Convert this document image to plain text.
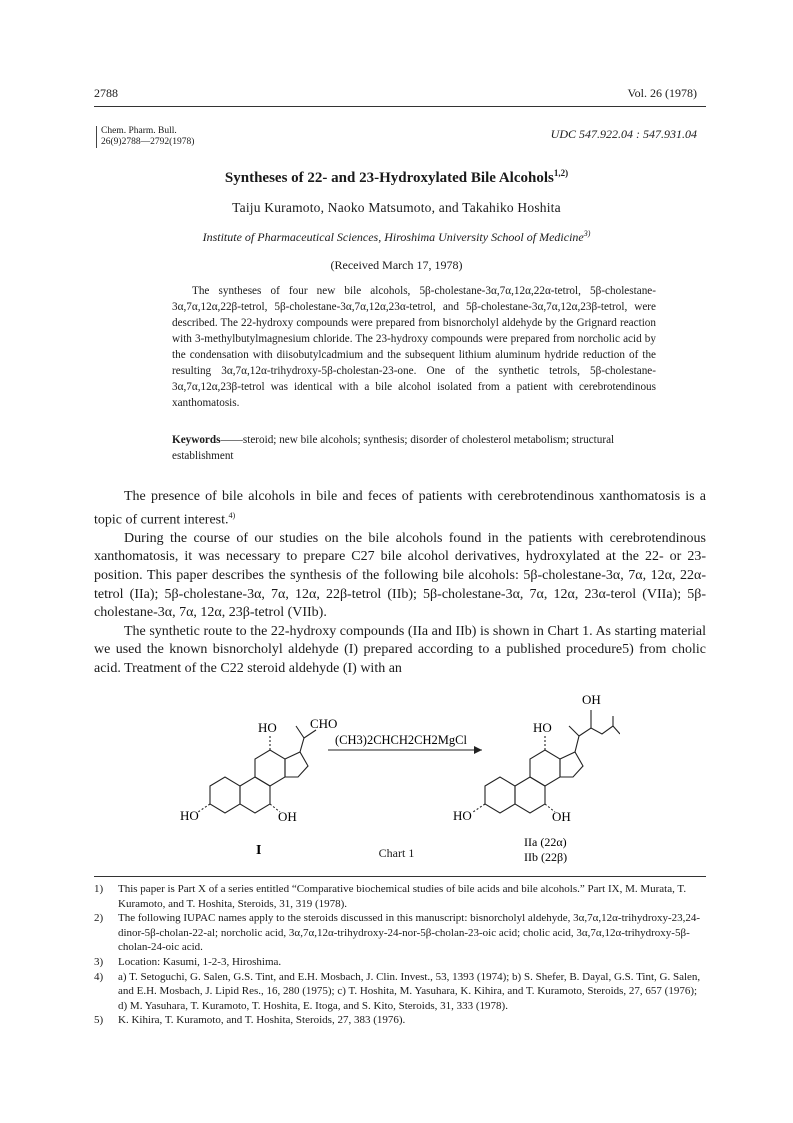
2788	Vol. 26 (1978)
Chem. Pharm. Bull.
26(9)2788—2792(1978)
UDC 547.922.04 : 547.931.04
Syntheses of 22- and 23-Hydroxylated Bile Alcohols$^{1,2)}$
Taiju Kuramoto, Naoko Matsumoto, and Takahiko Hoshita
Institute of Pharmaceutical Sciences, Hiroshima University School of Medicine$^{3)}$
(Received March 17, 1978)

The syntheses of four new bile alcohols, 5β-cholestane-3α,7α,12α,22α-tetrol, 5β-cholestane-3α,7α,12α,22β-tetrol, 5β-cholestane-3α,7α,12α,23α-tetrol, and 5β-cholestane-3α,7α,12α,23β-tetrol, were described. The 22-hydroxy compounds were prepared from bisnorcholyl aldehyde by the Grignard reaction with 3-methylbutylmagnesium chloride. The 23-hydroxy compounds were prepared from norcholic acid by the condensation with diisobutylcadmium and the subsequent lithium aluminum hydride reduction of the resulting 3α,7α,12α-trihydroxy-5β-cholestan-23-one. One of the synthetic tetrols, 5β-cholestane-3α,7α,12α,23β-tetrol was identical with a bile alcohol isolated from a patient with cerebrotendinous xanthomatosis.

Keywords——steroid; new bile alcohols; synthesis; disorder of cholesterol metabolism; structural establishment

The presence of bile alcohols in bile and feces of patients with cerebrotendinous xanthomatosis is a topic of current interest.$^{4)}$

During the course of our studies on the bile alcohols found in the patients with cerebrotendinous xanthomatosis, it was necessary to prepare C27 bile alcohol derivatives, hydroxylated at the 22- or 23-position. This paper describes the synthesis of the following bile alcohols: 5β-cholestane-3α, 7α, 12α, 22α-tetrol (IIa); 5β-cholestane-3α, 7α, 12α, 22β-tetrol (IIb); 5β-cholestane-3α, 7α, 12α, 23α-terol (VIIa); 5β-cholestane-3α, 7α, 12α, 23β-tetrol (VIIb).

The synthetic route to the 22-hydroxy compounds (IIa and IIb) is shown in Chart 1. As starting material we used the known bisnorcholyl aldehyde (I) prepared according to a published procedure5) from cholic acid. Treatment of the C22 steroid aldehyde (I) with an

CHO
HO
HO	OH
I
(CH3)2CHCH2CH2MgCl
OH
HO
HO	OH
IIa (22α)
IIb (22β)
Chart 1
1) This paper is Part X of a series entitled “Comparative biochemical studies of bile acids and bile alcohols.” Part IX, M. Murata, T. Kuramoto, and T. Hoshita, Steroids, 31, 319 (1978).
2) The following IUPAC names apply to the steroids discussed in this manuscript: bisnorcholyl aldehyde, 3α,7α,12α-trihydroxy-23,24-dinor-5β-cholan-22-al; norcholic acid, 3α,7α,12α-trihydroxy-24-nor-5β-cholan-23-oic acid; cholic acid, 3α,7α,12α-trihydroxy-5β-cholan-24-oic acid.
3) Location: Kasumi, 1-2-3, Hiroshima.
4) a) T. Setoguchi, G. Salen, G.S. Tint, and E.H. Mosbach, J. Clin. Invest., 53, 1393 (1974); b) S. Shefer, B. Dayal, G.S. Tint, G. Salen, and E.H. Mosbach, J. Lipid Res., 16, 280 (1975); c) T. Hoshita, M. Yasuhara, K. Kihira, and T. Kuramoto, Steroids, 27, 657 (1976); d) M. Yasuhara, T. Kuramoto, T. Hoshita, E. Itoga, and S. Kito, Steroids, 31, 333 (1978).
5) K. Kihira, T. Kuramoto, and T. Hoshita, Steroids, 27, 383 (1976).
